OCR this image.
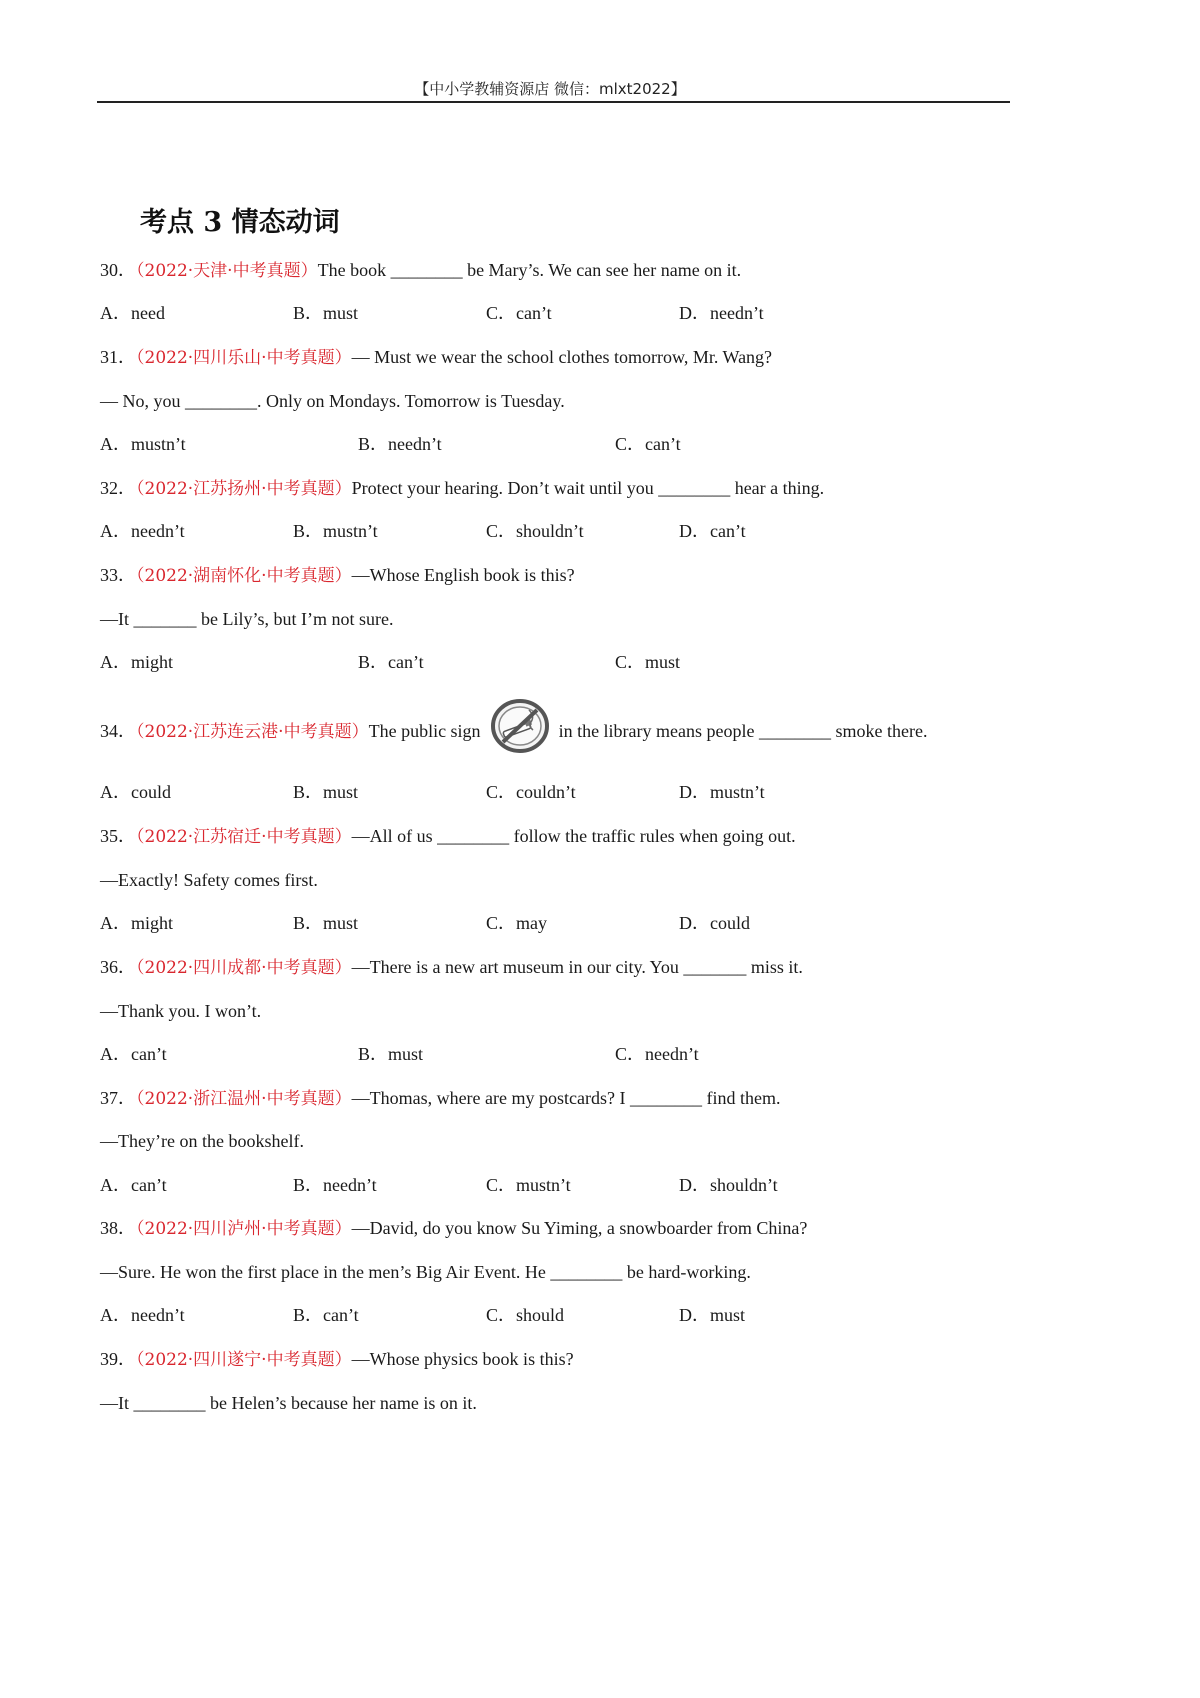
【中小学教辅资源店 微信：mlxt2022】
考点 3 情态动词
30．（2022·天津·中考真题）The book ________ be Mary’s. We can see her name on it.
A．need	B．must	C．can’t	D．needn’t
31．（2022·四川乐山·中考真题）— Must we wear the school clothes tomorrow, Mr. Wang?
— No, you ________. Only on Mondays. Tomorrow is Tuesday.
A．mustn’t	B．needn’t	C．can’t
32．（2022·江苏扬州·中考真题）Protect your hearing. Don’t wait until you ________ hear a thing.
A．needn’t	B．mustn’t	C．shouldn’t	D．can’t
33．（2022·湖南怀化·中考真题）—Whose English book is this?
—It _______ be Lily’s, but I’m not sure.
A．might	B．can’t	C．must
34．（2022·江苏连云港·中考真题）The public sign	in the library means people ________ smoke there.
A．could	B．must	C．couldn’t	D．mustn’t
35．（2022·江苏宿迁·中考真题）—All of us ________ follow the traffic rules when going out.
—Exactly! Safety comes first.
A．might	B．must	C．may	D．could
36．（2022·四川成都·中考真题）—There is a new art museum in our city. You _______ miss it.
—Thank you. I won’t.
A．can’t	B．must	C．needn’t
37．（2022·浙江温州·中考真题）—Thomas, where are my postcards? I ________ find them.
—They’re on the bookshelf.
A．can’t	B．needn’t	C．mustn’t	D．shouldn’t
38．（2022·四川泸州·中考真题）—David, do you know Su Yiming, a snowboarder from China?
—Sure. He won the first place in the men’s Big Air Event. He ________ be hard-working.
A．needn’t	B．can’t	C．should	D．must
39．（2022·四川遂宁·中考真题）—Whose physics book is this?
—It ________ be Helen’s because her name is on it.
